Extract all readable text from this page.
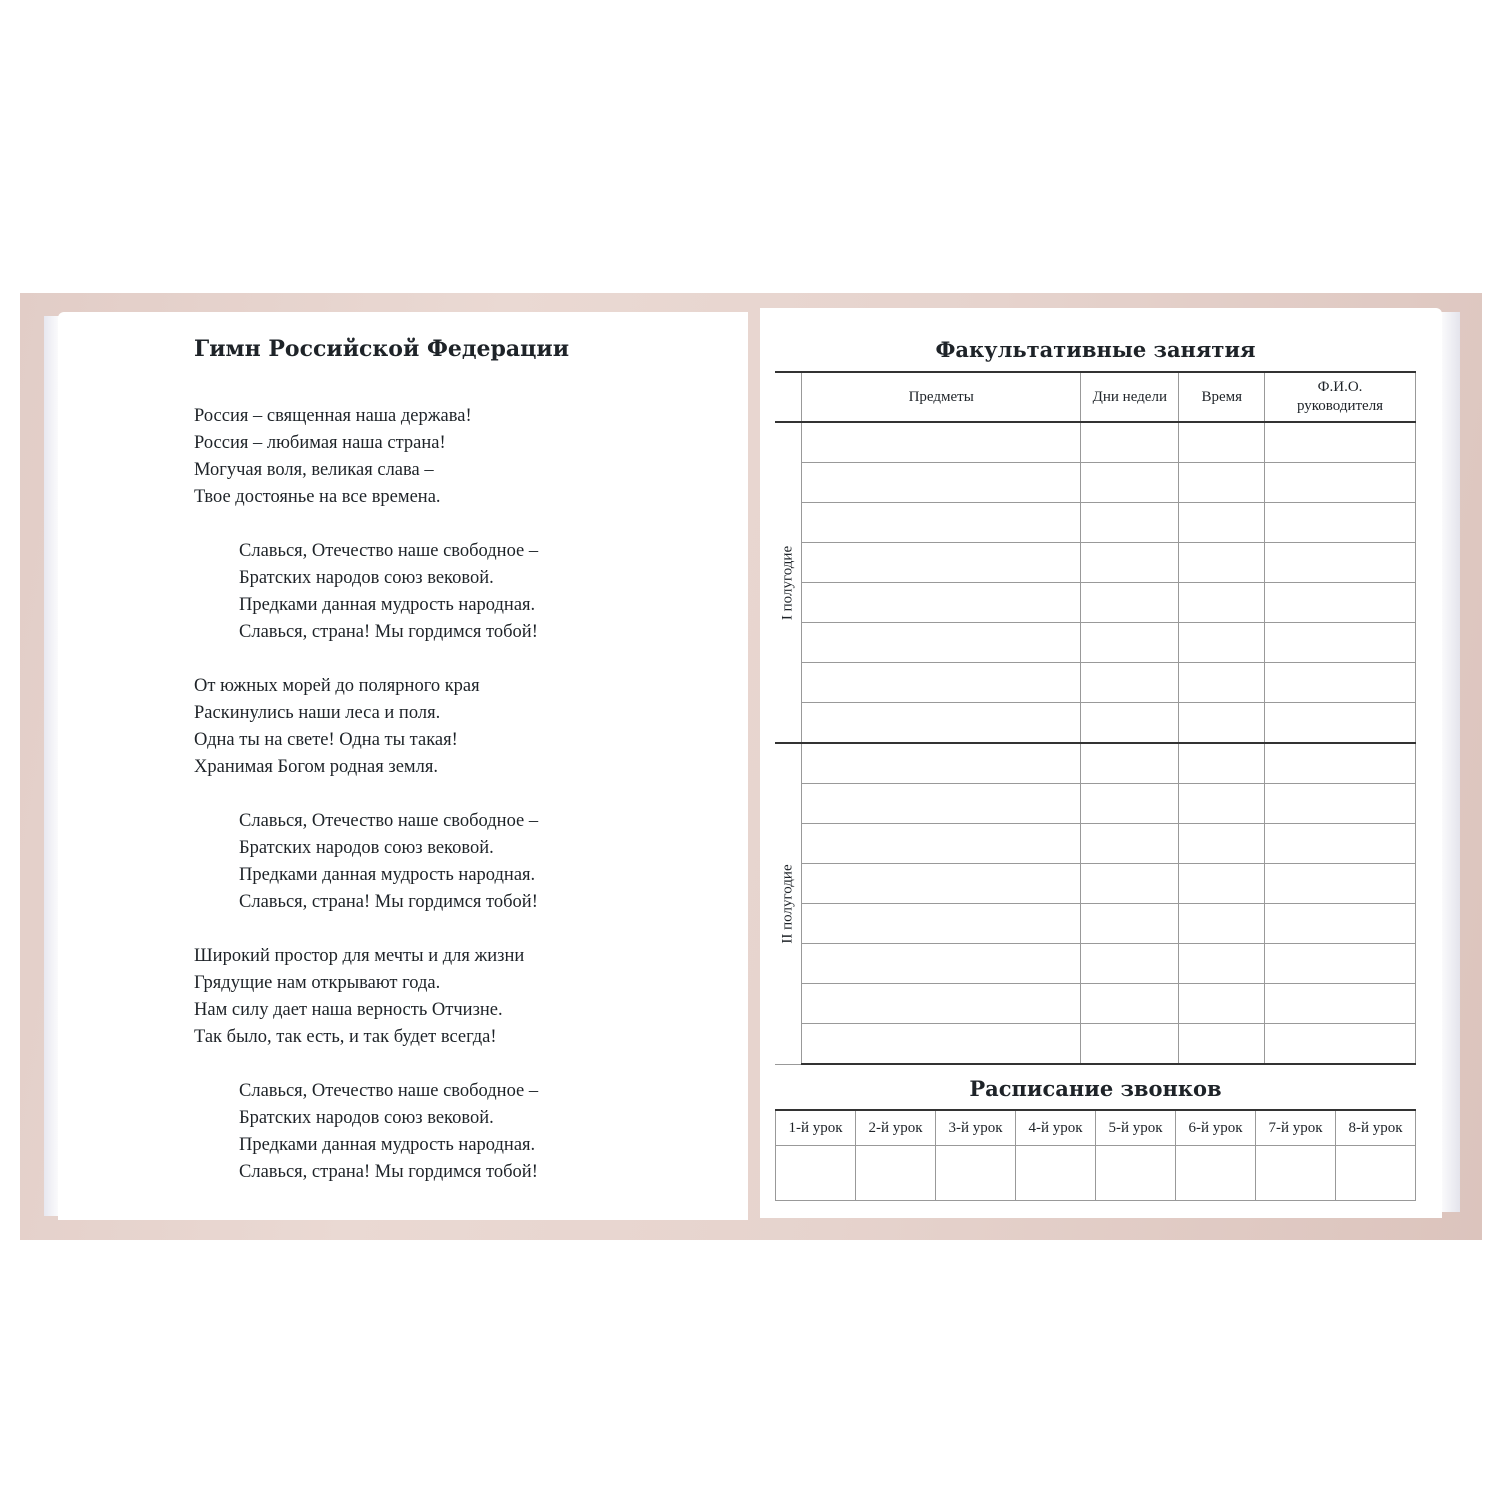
Гимн Российской Федерации
Россия – священная наша держава!
Россия – любимая наша страна!
Могучая воля, великая слава –
Твое достоянье на все времена.
Славься, Отечество наше свободное –
Братских народов союз вековой.
Предками данная мудрость народная.
Славься, страна! Мы гордимся тобой!
От южных морей до полярного края
Раскинулись наши леса и поля.
Одна ты на свете! Одна ты такая!
Хранимая Богом родная земля.
Славься, Отечество наше свободное –
Братских народов союз вековой.
Предками данная мудрость народная.
Славься, страна! Мы гордимся тобой!
Широкий простор для мечты и для жизни
Грядущие нам открывают года.
Нам силу дает наша верность Отчизне.
Так было, так есть, и так будет всегда!
Славься, Отечество наше свободное –
Братских народов союз вековой.
Предками данная мудрость народная.
Славься, страна! Мы гордимся тобой!
Факультативные занятия
	Предметы	Дни недели	Время	Ф.И.О.
руководителя

I полугодие				

II полугодие				

Расписание звонков
1-й урок	2-й урок	3-й урок	4-й урок	5-й урок	6-й урок	7-й урок	8-й урок
